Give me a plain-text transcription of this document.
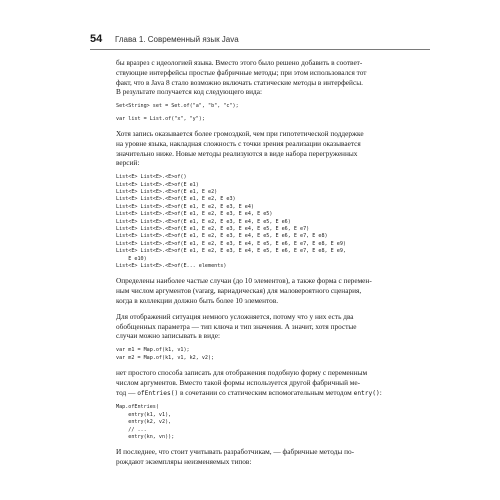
54 Глава 1. Современный язык Java

бы вразрез с идеологией языка. Вместо этого было решено добавить в соответ-
ствующие интерфейсы простые фабричные методы; при этом использовался тот
факт, что в Java 8 стало возможно включать статические методы в интерфейсы.
В результате получается код следующего вида:

Set<String> set = Set.of("a", "b", "c");
var list = List.of("x", "y");

Хотя запись оказывается более громоздкой, чем при гипотетической поддержке
на уровне языка, накладная сложность с точки зрения реализации оказывается
значительно ниже. Новые методы реализуются в виде набора перегруженных
версий:

List<E> List<E>.<E>of()
List<E> List<E>.<E>of(E e1)
List<E> List<E>.<E>of(E e1, E e2)
List<E> List<E>.<E>of(E e1, E e2, E e3)
List<E> List<E>.<E>of(E e1, E e2, E e3, E e4)
List<E> List<E>.<E>of(E e1, E e2, E e3, E e4, E e5)
List<E> List<E>.<E>of(E e1, E e2, E e3, E e4, E e5, E e6)
List<E> List<E>.<E>of(E e1, E e2, E e3, E e4, E e5, E e6, E e7)
List<E> List<E>.<E>of(E e1, E e2, E e3, E e4, E e5, E e6, E e7, E e8)
List<E> List<E>.<E>of(E e1, E e2, E e3, E e4, E e5, E e6, E e7, E e8, E e9)
List<E> List<E>.<E>of(E e1, E e2, E e3, E e4, E e5, E e6, E e7, E e8, E e9,
E e10)
List<E> List<E>.<E>of(E... elements)

Определены наиболее частые случаи (до 10 элементов), а также форма с перемен-
ным числом аргументов (vararg, вариадическая) для маловероятного сценария,
когда в коллекции должно быть более 10 элементов.

Для отображений ситуация немного усложняется, потому что у них есть два
обобщенных параметра — тип ключа и тип значения. А значит, хотя простые
случаи можно записывать в виде:

var m1 = Map.of(k1, v1);
var m2 = Map.of(k1, v1, k2, v2);

нет простого способа записать для отображения подобную форму с переменным
числом аргументов. Вместо такой формы используется другой фабричный ме-
тод — ofEntries() в сочетании со статическим вспомогательным методом entry():

Map.ofEntries(
entry(k1, v1),
entry(k2, v2),
// ...
entry(kn, vn));

И последнее, что стоит учитывать разработчикам, — фабричные методы по-
рождают экземпляры неизменяемых типов:
